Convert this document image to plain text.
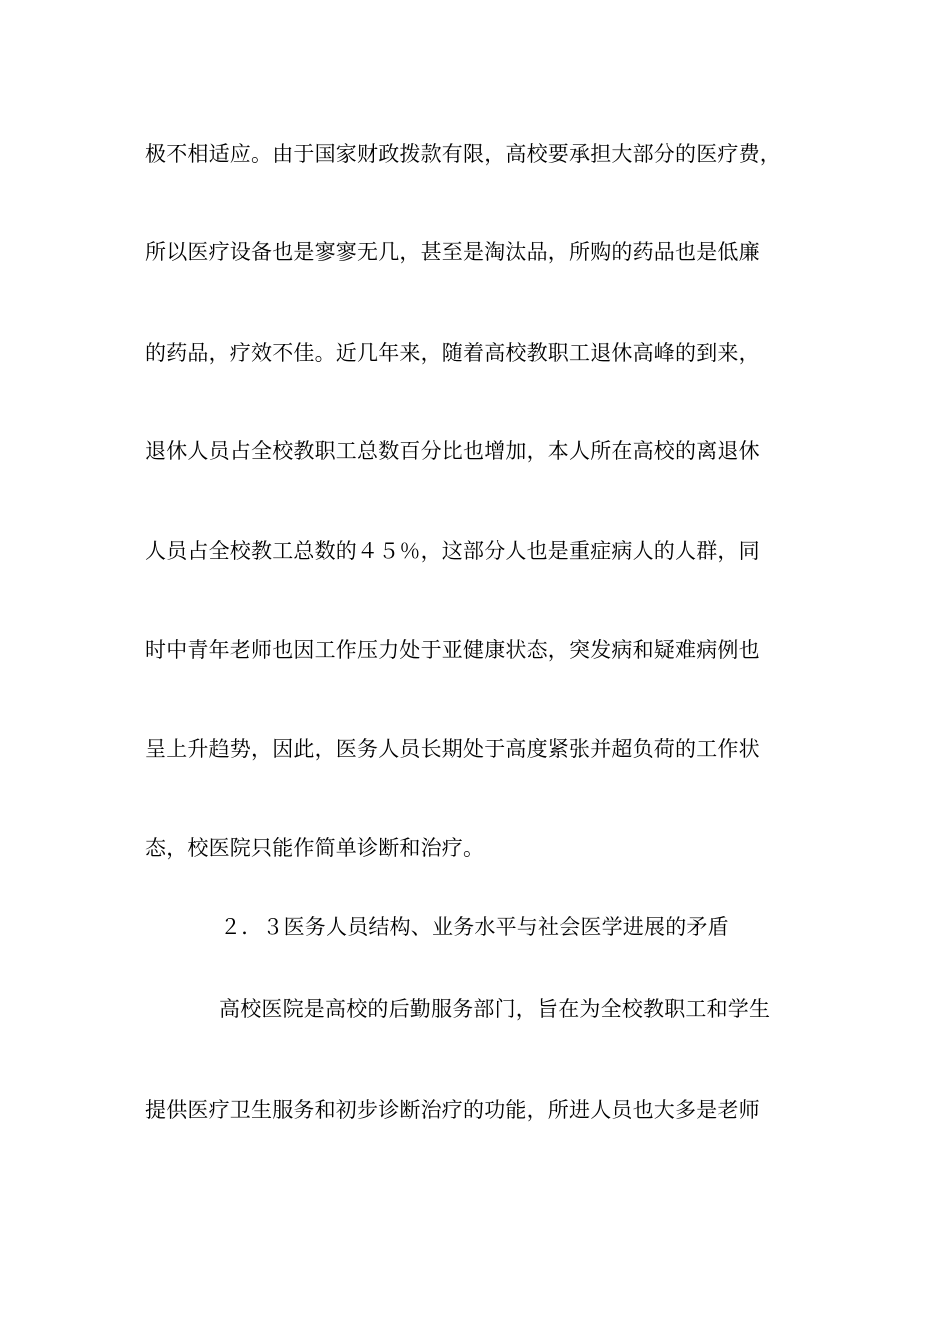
极不相适应。由于国家财政拨款有限，高校要承担大部分的医疗费，
所以医疗设备也是寥寥无几，甚至是淘汰品，所购的药品也是低廉
的药品，疗效不佳。近几年来，随着高校教职工退休高峰的到来，
退休人员占全校教职工总数百分比也增加，本人所在高校的离退休
人员占全校教工总数的４５％，这部分人也是重症病人的人群，同
时中青年老师也因工作压力处于亚健康状态，突发病和疑难病例也
呈上升趋势，因此，医务人员长期处于高度紧张并超负荷的工作状
态，校医院只能作简单诊断和治疗。
２．３医务人员结构、业务水平与社会医学进展的矛盾
高校医院是高校的后勤服务部门，旨在为全校教职工和学生
提供医疗卫生服务和初步诊断治疗的功能，所进人员也大多是老师
